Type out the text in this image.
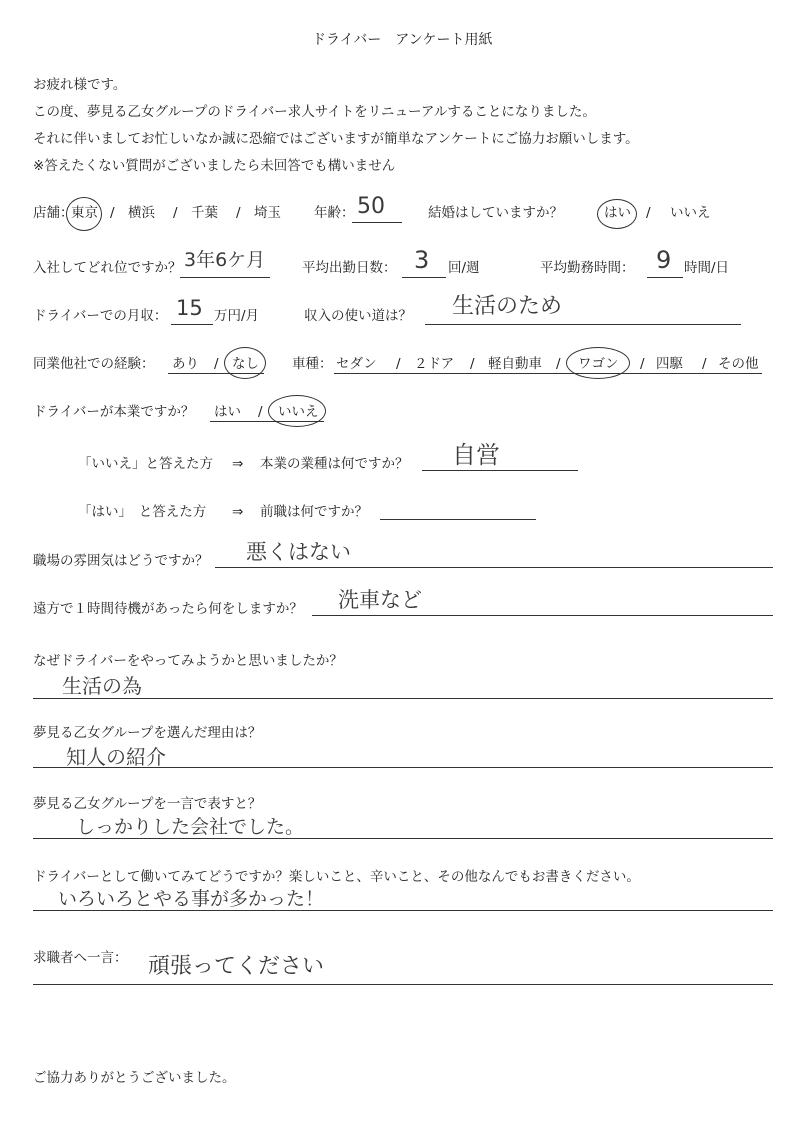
ドライバー　アンケート用紙
お疲れ様です。
この度、夢見る乙女グループのドライバー求人サイトをリニューアルすることになりました。
それに伴いましてお忙しいなか誠に恐縮ではございますが簡単なアンケートにご協力お願いします。
※答えたくない質問がございましたら未回答でも構いません
店舗：
東京 / 横浜 / 千葉 / 埼玉 年齢： 50	結婚はしていますか？	はい / いいえ
入社してどれ位ですか？ 3年6ケ月	平均出勤日数： 3 回/週	平均勤務時間： 9 時間/日
ドライバーでの月収： 15 万円/月	収入の使い道は？ 生活のため
同業他社での経験： あり / なし 車種： セダン / ２ドア / 軽自動車 / ワゴン / 四駆 / その他
ドライバーが本業ですか？ はい / いいえ
「いいえ」と答えた方 ⇒ 本業の業種は何ですか？ 自営
「はい」　と答えた方 ⇒ 前職は何ですか？
職場の雰囲気はどうですか？ 悪くはない
遠方で１時間待機があったら何をしますか？ 洗車など
なぜドライバーをやってみようかと思いましたか？
生活の為
夢見る乙女グループを選んだ理由は？
知人の紹介
夢見る乙女グループを一言で表すと？
しっかりした会社でした。
ドライバーとして働いてみてどうですか？楽しいこと、辛いこと、その他なんでもお書きください。
いろいろとやる事が多かった！
求職者へ一言： 頑張ってください
ご協力ありがとうございました。
